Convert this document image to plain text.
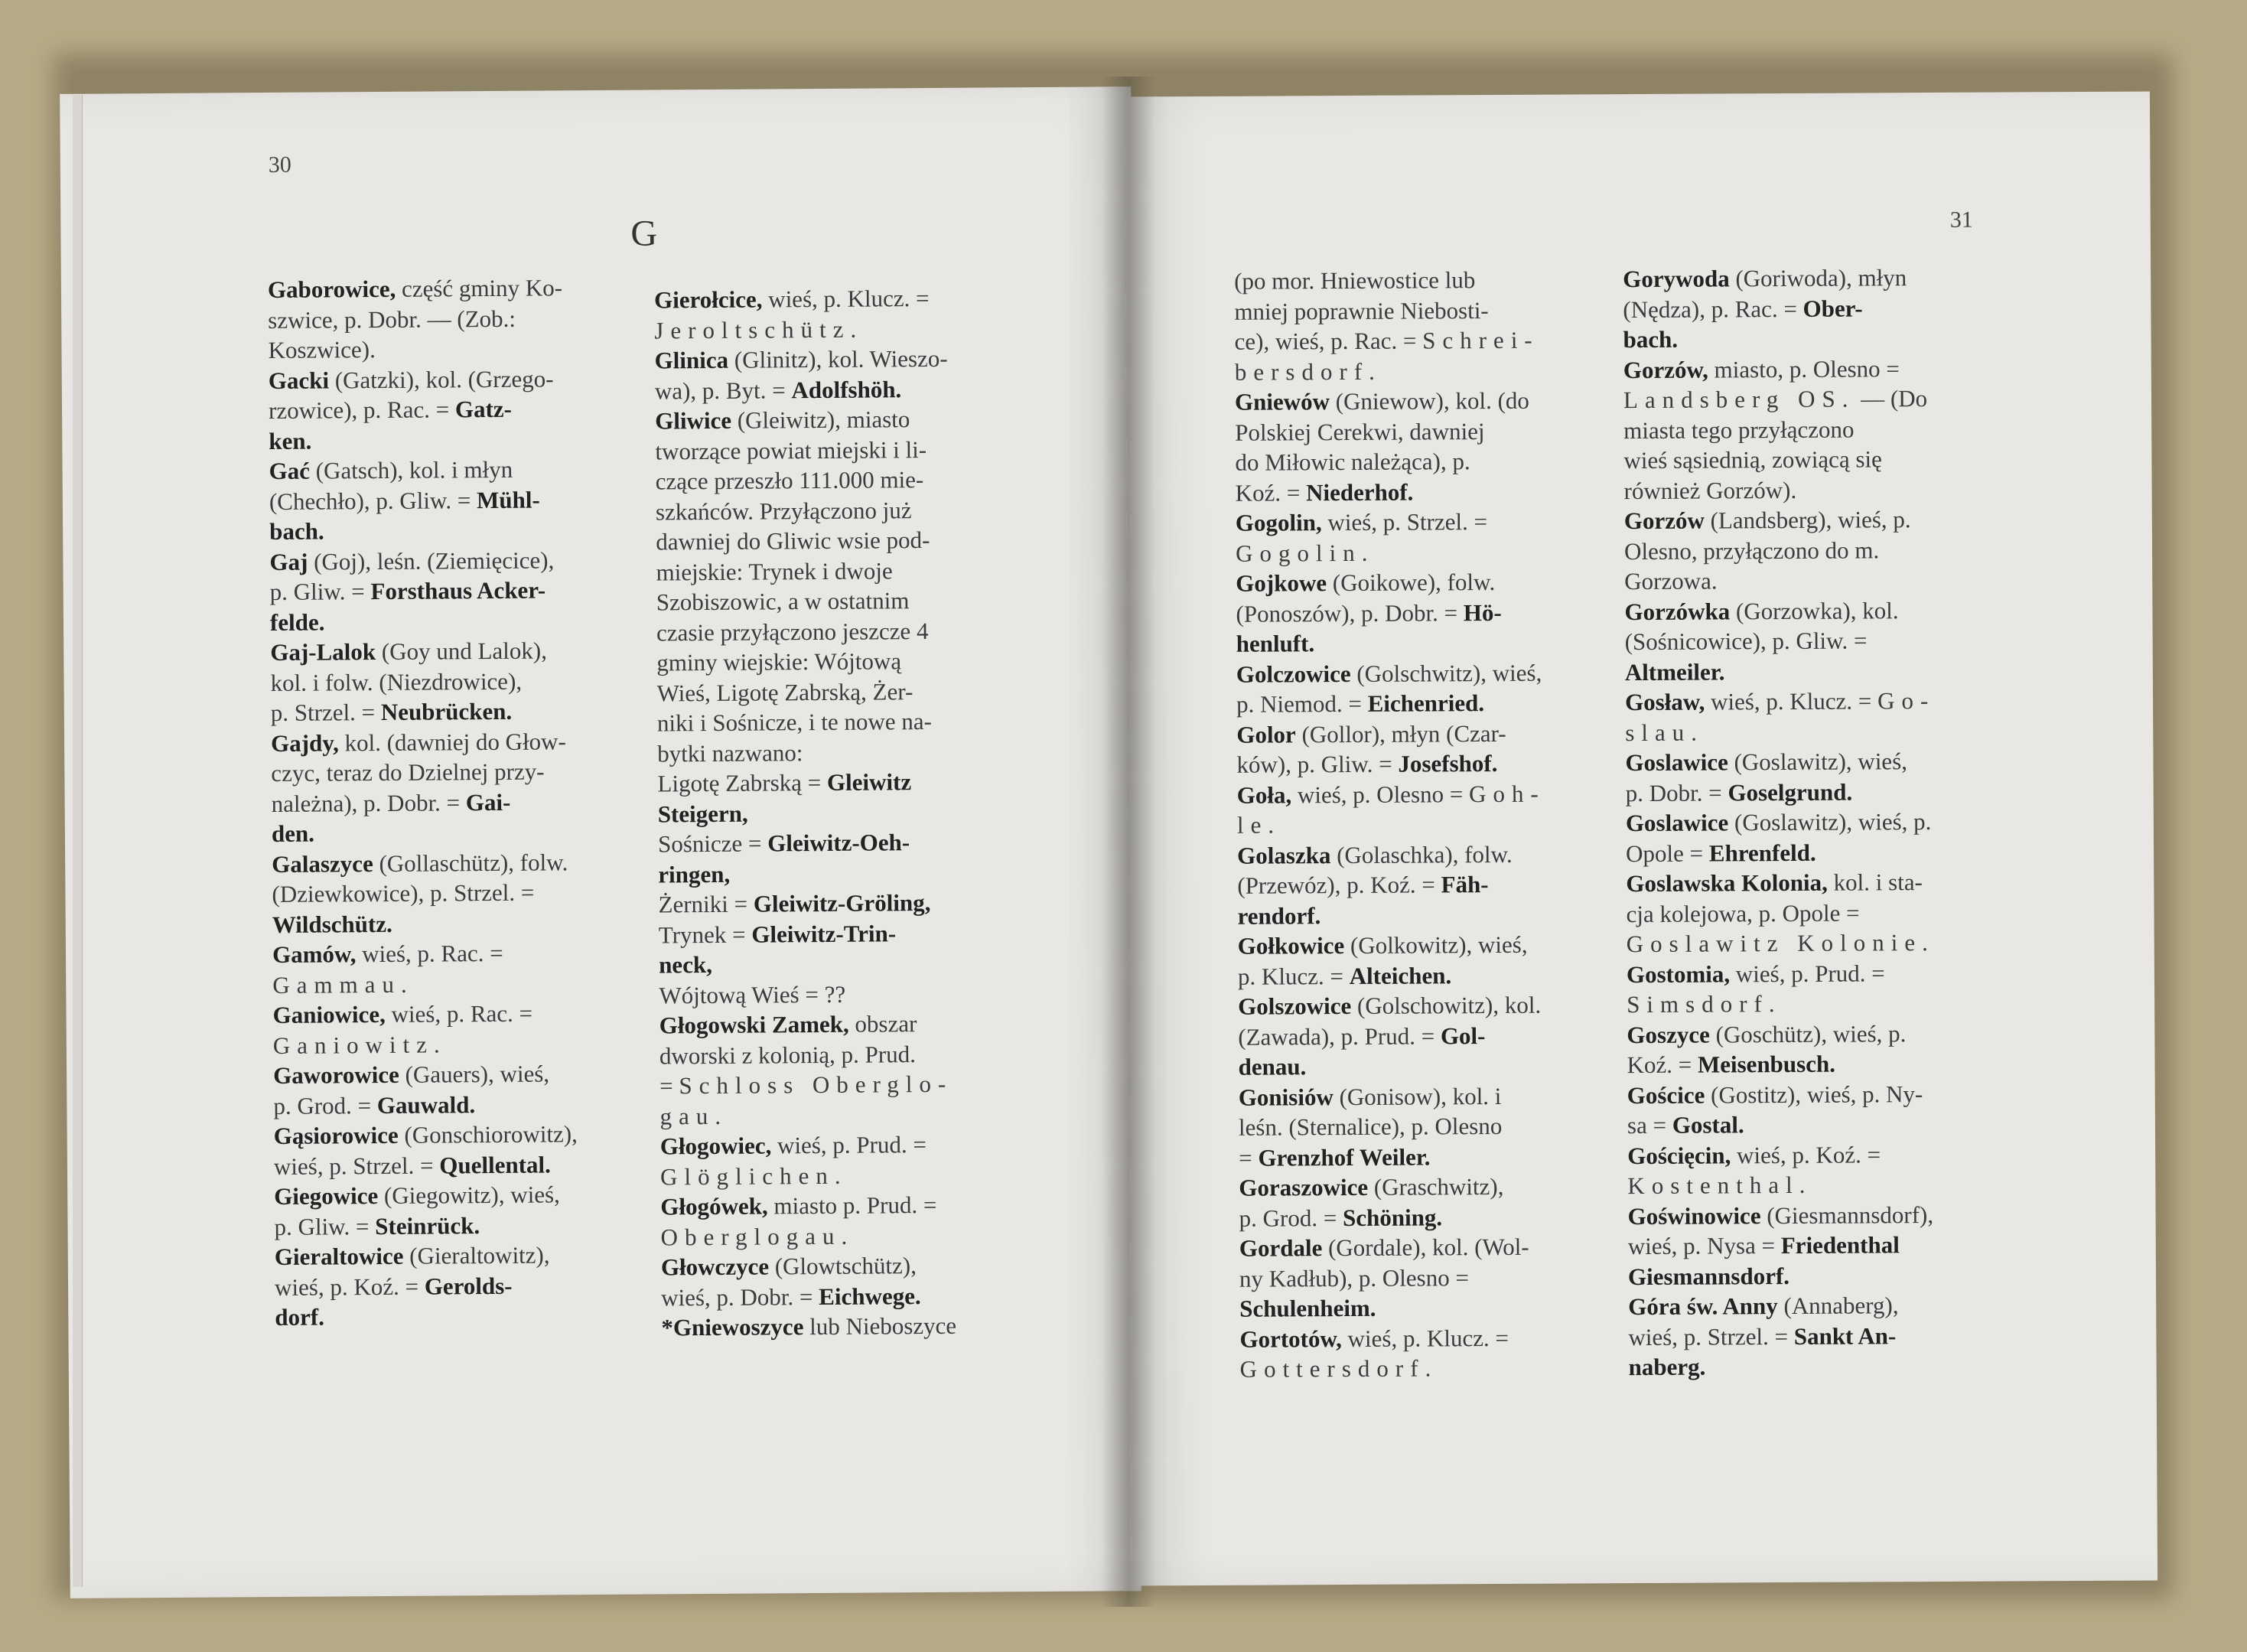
30
G

Gaborowice, część gminy Ko-
szwice, p. Dobr. — (Zob.:
Koszwice).

Gacki (Gatzki), kol. (Grzego-
rzowice), p. Rac. = Gatz-
ken.

Gać (Gatsch), kol. i młyn
(Chechło), p. Gliw. = Mühl-
bach.

Gaj (Goj), leśn. (Ziemięcice),
p. Gliw. = Forsthaus Acker-
felde.

Gaj-Lalok (Goy und Lalok),
kol. i folw. (Niezdrowice),
p. Strzel. = Neubrücken.

Gajdy, kol. (dawniej do Głow-
czyc, teraz do Dzielnej przy-
należna), p. Dobr. = Gai-
den.

Galaszyce (Gollaschütz), folw.
(Dziewkowice), p. Strzel. =
Wildschütz.

Gamów, wieś, p. Rac. =
Gammau.

Ganiowice, wieś, p. Rac. =
Ganiowitz.

Gaworowice (Gauers), wieś,
p. Grod. = Gauwald.

Gąsiorowice (Gonschiorowitz),
wieś, p. Strzel. = Quellental.

Giegowice (Giegowitz), wieś,
p. Gliw. = Steinrück.

Gieraltowice (Gieraltowitz),
wieś, p. Koź. = Gerolds-
dorf.

Gierołcice, wieś, p. Klucz. =
Jeroltschütz.

Glinica (Glinitz), kol. Wieszo-
wa), p. Byt. = Adolfshöh.

Gliwice (Gleiwitz), miasto
tworzące powiat miejski i li-
czące przeszło 111.000 mie-
szkańców. Przyłączono już
dawniej do Gliwic wsie pod-
miejskie: Trynek i dwoje
Szobiszowic, a w ostatnim
czasie przyłączono jeszcze 4
gminy wiejskie: Wójtową
Wieś, Ligotę Zabrską, Żer-
niki i Sośnicze, i te nowe na-
bytki nazwano:

Ligotę Zabrską = Gleiwitz
Steigern,

Sośnicze = Gleiwitz-Oeh-
ringen,

Żerniki = Gleiwitz-Gröling,

Trynek = Gleiwitz-Trin-
neck,

Wójtową Wieś = ??

Głogowski Zamek, obszar
dworski z kolonią, p. Prud.
= Schloss Oberglo-
gau.

Głogowiec, wieś, p. Prud. =
Glöglichen.

Głogówek, miasto p. Prud. =
Oberglogau.

Głowczyce (Glowtschütz),
wieś, p. Dobr. = Eichwege.

*Gniewoszyce lub Nieboszyce

31

(po mor. Hniewostice lub
mniej poprawnie Niebosti-
ce), wieś, p. Rac. = Schrei-
bersdorf.

Gniewów (Gniewow), kol. (do
Polskiej Cerekwi, dawniej
do Miłowic należąca), p.
Koź. = Niederhof.

Gogolin, wieś, p. Strzel. =
Gogolin.

Gojkowe (Goikowe), folw.
(Ponoszów), p. Dobr. = Hö-
henluft.

Golczowice (Golschwitz), wieś,
p. Niemod. = Eichenried.

Golor (Gollor), młyn (Czar-
ków), p. Gliw. = Josefshof.

Goła, wieś, p. Olesno = Goh-
le.

Golaszka (Golaschka), folw.
(Przewóz), p. Koź. = Fäh-
rendorf.

Gołkowice (Golkowitz), wieś,
p. Klucz. = Alteichen.

Golszowice (Golschowitz), kol.
(Zawada), p. Prud. = Gol-
denau.

Gonisiów (Gonisow), kol. i
leśn. (Sternalice), p. Olesno
= Grenzhof Weiler.

Goraszowice (Graschwitz),
p. Grod. = Schöning.

Gordale (Gordale), kol. (Wol-
ny Kadłub), p. Olesno =
Schulenheim.

Gortotów, wieś, p. Klucz. =
Gottersdorf.

Gorywoda (Goriwoda), młyn
(Nędza), p. Rac. = Ober-
bach.

Gorzów, miasto, p. Olesno =
Landsberg OS. — (Do
miasta tego przyłączono
wieś sąsiednią, zowiącą się
również Gorzów).

Gorzów (Landsberg), wieś, p.
Olesno, przyłączono do m.
Gorzowa.

Gorzówka (Gorzowka), kol.
(Sośnicowice), p. Gliw. =
Altmeiler.

Gosław, wieś, p. Klucz. = Go-
slau.

Goslawice (Goslawitz), wieś,
p. Dobr. = Goselgrund.

Goslawice (Goslawitz), wieś, p.
Opole = Ehrenfeld.

Goslawska Kolonia, kol. i sta-
cja kolejowa, p. Opole =
Goslawitz Kolonie.

Gostomia, wieś, p. Prud. =
Simsdorf.

Goszyce (Goschütz), wieś, p.
Koź. = Meisenbusch.

Gościce (Gostitz), wieś, p. Ny-
sa = Gostal.

Gościęcin, wieś, p. Koź. =
Kostenthal.

Goświnowice (Giesmannsdorf),
wieś, p. Nysa = Friedenthal
Giesmannsdorf.

Góra św. Anny (Annaberg),
wieś, p. Strzel. = Sankt An-
naberg.
